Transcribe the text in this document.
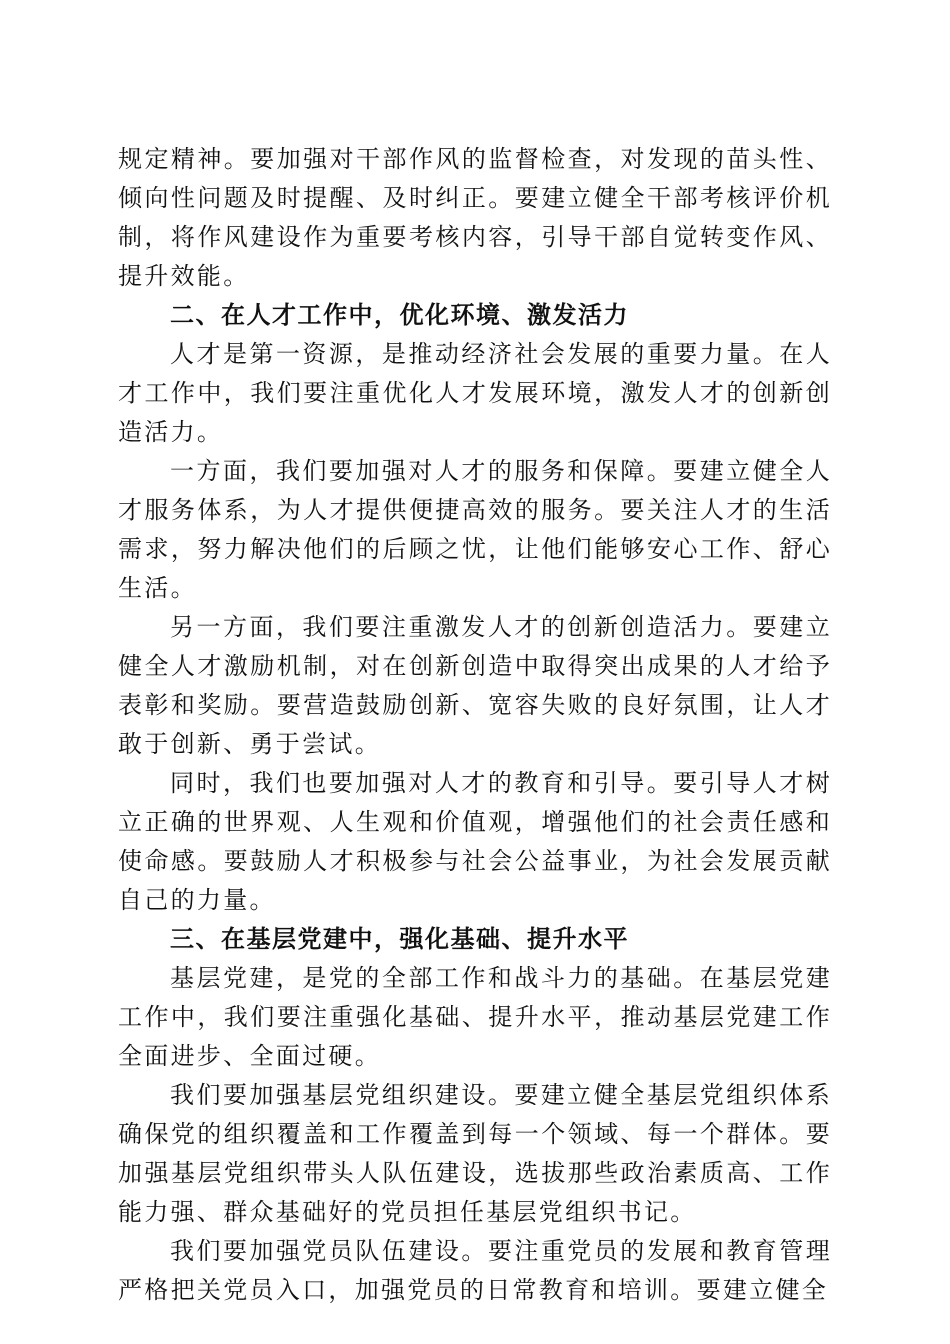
规定精神。要加强对干部作风的监督检查，对发现的苗头性、倾向性问题及时提醒、及时纠正。要建立健全干部考核评价机制，将作风建设作为重要考核内容，引导干部自觉转变作风、提升效能。

二、在人才工作中，优化环境、激发活力

人才是第一资源，是推动经济社会发展的重要力量。在人才工作中，我们要注重优化人才发展环境，激发人才的创新创造活力。

一方面，我们要加强对人才的服务和保障。要建立健全人才服务体系，为人才提供便捷高效的服务。要关注人才的生活需求，努力解决他们的后顾之忧，让他们能够安心工作、舒心生活。

另一方面，我们要注重激发人才的创新创造活力。要建立健全人才激励机制，对在创新创造中取得突出成果的人才给予表彰和奖励。要营造鼓励创新、宽容失败的良好氛围，让人才敢于创新、勇于尝试。

同时，我们也要加强对人才的教育和引导。要引导人才树立正确的世界观、人生观和价值观，增强他们的社会责任感和使命感。要鼓励人才积极参与社会公益事业，为社会发展贡献自己的力量。

三、在基层党建中，强化基础、提升水平

基层党建，是党的全部工作和战斗力的基础。在基层党建工作中，我们要注重强化基础、提升水平，推动基层党建工作全面进步、全面过硬。

我们要加强基层党组织建设。要建立健全基层党组织体系确保党的组织覆盖和工作覆盖到每一个领域、每一个群体。要加强基层党组织带头人队伍建设，选拔那些政治素质高、工作能力强、群众基础好的党员担任基层党组织书记。

我们要加强党员队伍建设。要注重党员的发展和教育管理严格把关党员入口，加强党员的日常教育和培训。要建立健全
